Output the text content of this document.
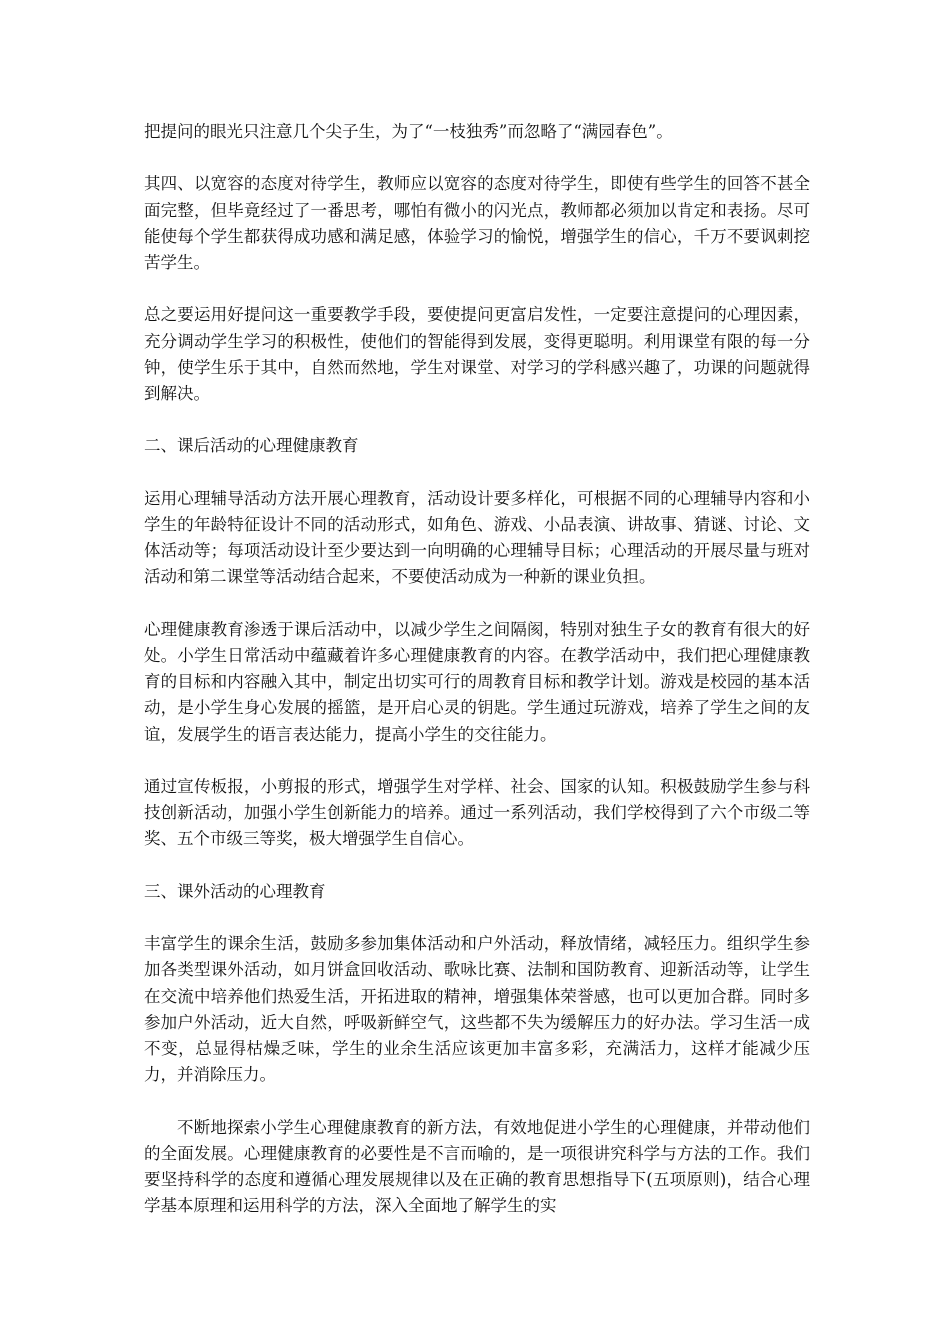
把提问的眼光只注意几个尖子生，为了“一枝独秀”而忽略了“满园春色”。

其四、以宽容的态度对待学生，教师应以宽容的态度对待学生，即使有些学生的回答不甚全面完整，但毕竟经过了一番思考，哪怕有微小的闪光点，教师都必须加以肯定和表扬。尽可能使每个学生都获得成功感和满足感，体验学习的愉悦，增强学生的信心，千万不要讽刺挖苦学生。

总之要运用好提问这一重要教学手段，要使提问更富启发性，一定要注意提问的心理因素，充分调动学生学习的积极性，使他们的智能得到发展，变得更聪明。利用课堂有限的每一分钟，使学生乐于其中，自然而然地，学生对课堂、对学习的学科感兴趣了，功课的问题就得到解决。

二、课后活动的心理健康教育

运用心理辅导活动方法开展心理教育，活动设计要多样化，可根据不同的心理辅导内容和小学生的年龄特征设计不同的活动形式，如角色、游戏、小品表演、讲故事、猜谜、讨论、文体活动等；每项活动设计至少要达到一向明确的心理辅导目标；心理活动的开展尽量与班对活动和第二课堂等活动结合起来，不要使活动成为一种新的课业负担。

心理健康教育渗透于课后活动中，以减少学生之间隔阂，特别对独生子女的教育有很大的好处。小学生日常活动中蕴藏着许多心理健康教育的内容。在教学活动中，我们把心理健康教育的目标和内容融入其中，制定出切实可行的周教育目标和教学计划。游戏是校园的基本活动，是小学生身心发展的摇篮，是开启心灵的钥匙。学生通过玩游戏，培养了学生之间的友谊，发展学生的语言表达能力，提高小学生的交往能力。

通过宣传板报，小剪报的形式，增强学生对学样、社会、国家的认知。积极鼓励学生参与科技创新活动，加强小学生创新能力的培养。通过一系列活动，我们学校得到了六个市级二等奖、五个市级三等奖，极大增强学生自信心。

三、课外活动的心理教育

丰富学生的课余生活，鼓励多参加集体活动和户外活动，释放情绪，减轻压力。组织学生参加各类型课外活动，如月饼盒回收活动、歌咏比赛、法制和国防教育、迎新活动等，让学生在交流中培养他们热爱生活，开拓进取的精神，增强集体荣誉感，也可以更加合群。同时多参加户外活动，近大自然，呼吸新鲜空气，这些都不失为缓解压力的好办法。学习生活一成不变，总显得枯燥乏味，学生的业余生活应该更加丰富多彩，充满活力，这样才能减少压力，并消除压力。

不断地探索小学生心理健康教育的新方法，有效地促进小学生的心理健康，并带动他们的全面发展。心理健康教育的必要性是不言而喻的，是一项很讲究科学与方法的工作。我们要坚持科学的态度和遵循心理发展规律以及在正确的教育思想指导下(五项原则)，结合心理学基本原理和运用科学的方法，深入全面地了解学生的实
